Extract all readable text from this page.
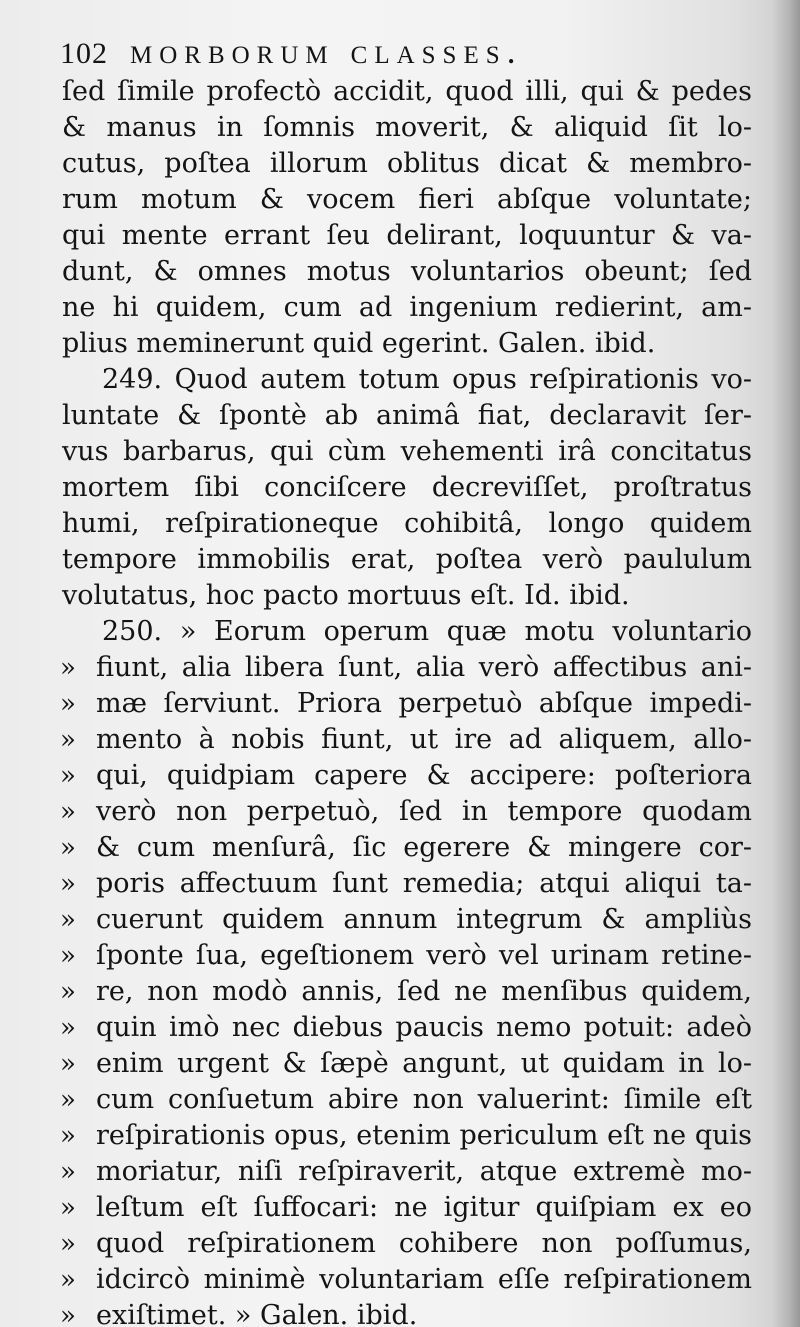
102 morborum classes.
ſed ſimile profectò accidit, quod illi, qui & pedes
& manus in ſomnis moverit, & aliquid ſit lo-
cutus, poſtea illorum oblitus dicat & membro-
rum motum & vocem fieri abſque voluntate;
qui mente errant ſeu delirant, loquuntur & va-
dunt, & omnes motus voluntarios obeunt; ſed
ne hi quidem, cum ad ingenium redierint, am-
plius meminerunt quid egerint. Galen. ibid.
249. Quod autem totum opus reſpirationis vo-
luntate & ſpontè ab animâ fiat, declaravit ſer-
vus barbarus, qui cùm vehementi irâ concitatus
mortem ſibi conciſcere decreviſſet, proſtratus
humi, reſpirationeque cohibitâ, longo quidem
tempore immobilis erat, poſtea verò paululum
volutatus, hoc pacto mortuus eſt. Id. ibid.
250. » Eorum operum quæ motu voluntario
» fiunt, alia libera ſunt, alia verò affectibus ani-
» mæ ſerviunt. Priora perpetuò abſque impedi-
» mento à nobis fiunt, ut ire ad aliquem, allo-
» qui, quidpiam capere & accipere: poſteriora
» verò non perpetuò, ſed in tempore quodam
» & cum menſurâ, ſic egerere & mingere cor-
» poris affectuum ſunt remedia; atqui aliqui ta-
» cuerunt quidem annum integrum & ampliùs
» ſponte ſua, egeſtionem verò vel urinam retine-
» re, non modò annis, ſed ne menſibus quidem,
» quin imò nec diebus paucis nemo potuit: adeò
» enim urgent & ſæpè angunt, ut quidam in lo-
» cum conſuetum abire non valuerint: ſimile eſt
» reſpirationis opus, etenim periculum eſt ne quis
» moriatur, niſi reſpiraverit, atque extremè mo-
» leſtum eſt ſuffocari: ne igitur quiſpiam ex eo
» quod reſpirationem cohibere non poſſumus,
» idcircò minimè voluntariam eſſe reſpirationem
» exiſtimet. » Galen. ibid.
